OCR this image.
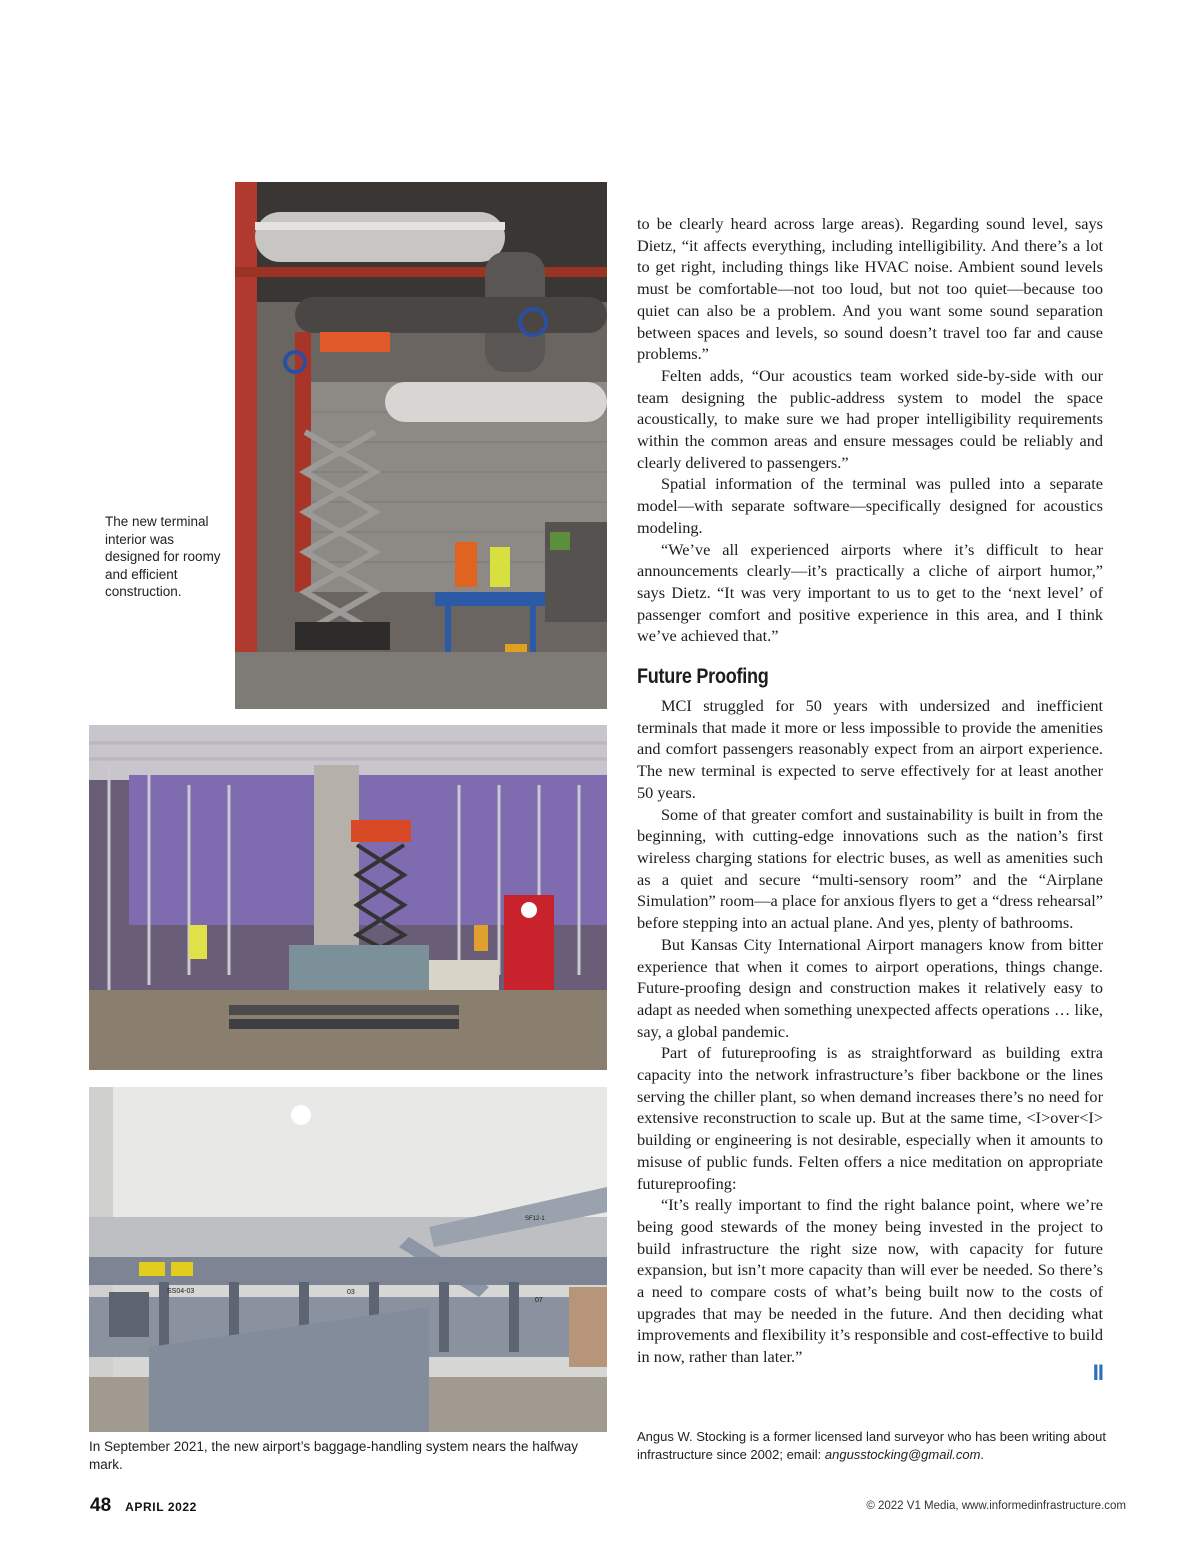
The new terminal interior was designed for roomy and efficient construction.
SS04-03	03
07
SF12-1
In September 2021, the new airport’s baggage-handling system nears the halfway mark.

to be clearly heard across large areas). Regarding sound level, says Dietz, “it affects everything, including intelligibility. And there’s a lot to get right, including things like HVAC noise. Ambient sound levels must be comfortable—not too loud, but not too quiet—because too quiet can also be a problem. And you want some sound separation between spaces and levels, so sound doesn’t travel too far and cause problems.”

Felten adds, “Our acoustics team worked side-by-side with our team designing the public-address system to model the space acoustically, to make sure we had proper intelligibility requirements within the common areas and ensure messages could be reliably and clearly delivered to passengers.”

Spatial information of the terminal was pulled into a separate model—with separate software—specifically designed for acoustics modeling.

“We’ve all experienced airports where it’s difficult to hear announcements clearly—it’s practically a cliche of airport humor,” says Dietz. “It was very important to us to get to the ‘next level’ of passenger comfort and positive experience in this area, and I think we’ve achieved that.”

Future Proofing

MCI struggled for 50 years with undersized and inefficient terminals that made it more or less impossible to provide the amenities and comfort passengers reasonably expect from an airport experience. The new terminal is expected to serve effectively for at least another 50 years.

Some of that greater comfort and sustainability is built in from the beginning, with cutting-edge innovations such as the nation’s first wireless charging stations for electric buses, as well as amenities such as a quiet and secure “multi-sensory room” and the “Airplane Simulation” room—a place for anxious flyers to get a “dress rehearsal” before stepping into an actual plane. And yes, plenty of bathrooms.

But Kansas City International Airport managers know from bitter experience that when it comes to airport operations, things change. Future-proofing design and construction makes it relatively easy to adapt as needed when something unexpected affects operations … like, say, a global pandemic.

Part of futureproofing is as straightforward as building extra capacity into the network infrastructure’s fiber backbone or the lines serving the chiller plant, so when demand increases there’s no need for extensive reconstruction to scale up. But at the same time, <I>over<I> building or engineering is not desirable, especially when it amounts to misuse of public funds. Felten offers a nice meditation on appropriate futureproofing:

“It’s really important to find the right balance point, where we’re being good stewards of the money being invested in the project to build infrastructure the right size now, with capacity for future expansion, but isn’t more capacity than will ever be needed. So there’s a need to compare costs of what’s being built now to the costs of upgrades that may be needed in the future. And then deciding what improvements and flexibility it’s responsible and cost-effective to build in now, rather than later.”

II
Angus W. Stocking is a former licensed land surveyor who has been writing about infrastructure since 2002; email: angusstocking@gmail.com.
48 APRIL 2022	© 2022 V1 Media, www.informedinfrastructure.com
